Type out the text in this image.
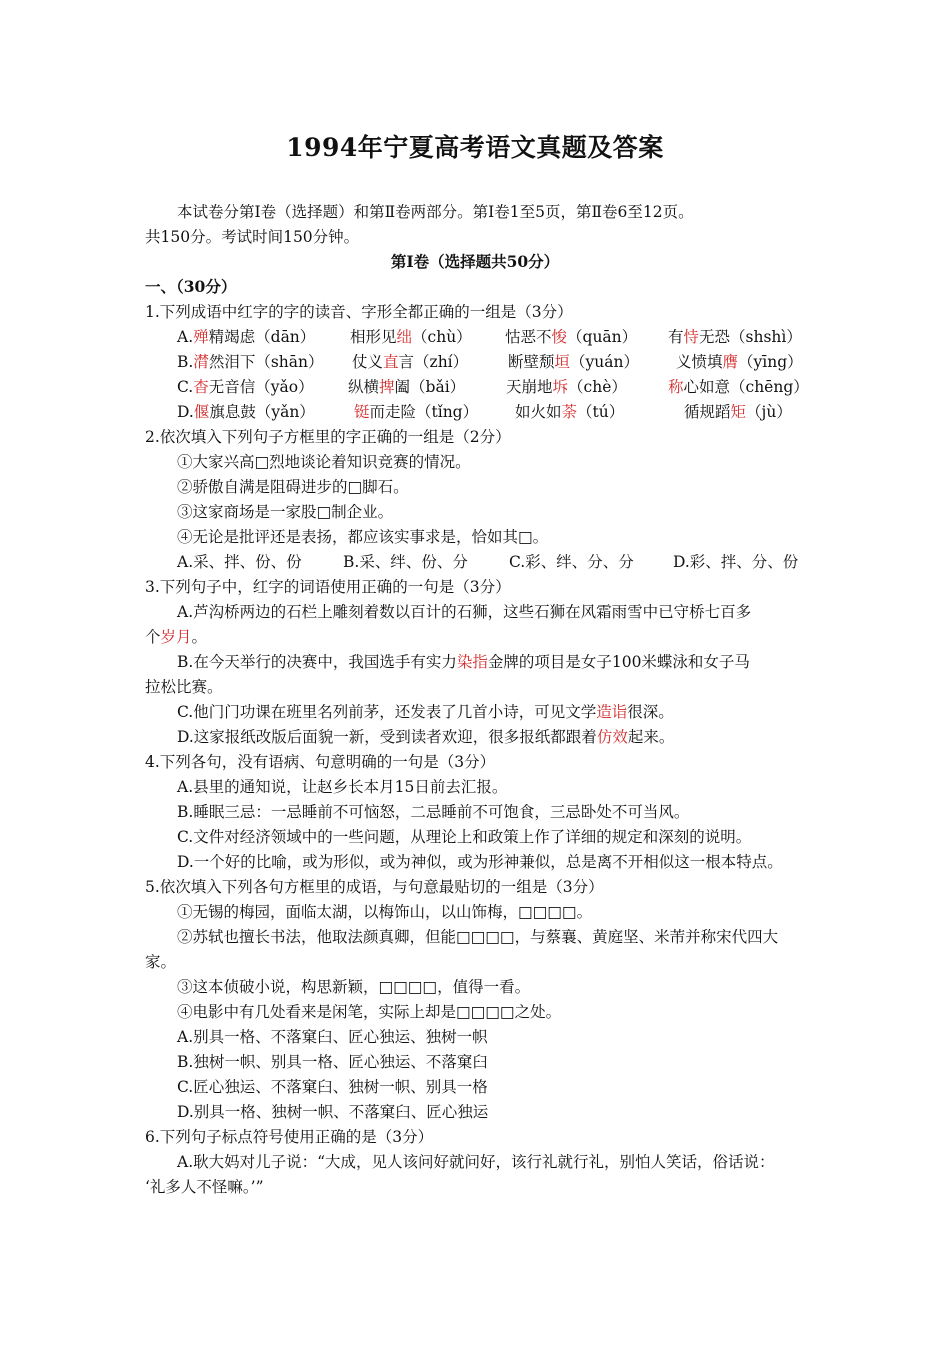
1994年宁夏高考语文真题及答案
本试卷分第Ⅰ卷（选择题）和第Ⅱ卷两部分。第Ⅰ卷1至5页，第Ⅱ卷6至12页。
共150分。考试时间150分钟。
第Ⅰ卷（选择题共50分）
一、（30分）
1.下列成语中红字的字的读音、字形全都正确的一组是（3分）
A.殚精竭虑（dān） 相形见绌（chù） 怙恶不悛（quān） 有恃无恐（shshì）
B.潸然泪下（shān） 仗义直言（zhí）	断壁颓垣（yuán） 义愤填膺（yīng）
C.杳无音信（yǎo） 纵横捭阖（bǎi）	天崩地坼（chè）	称心如意（chēng）
D.偃旗息鼓（yǎn）	铤而走险（tǐng） 如火如荼（tú）	循规蹈矩（jù）
2.依次填入下列句子方框里的字正确的一组是（2分）
①大家兴高□烈地谈论着知识竞赛的情况。
②骄傲自满是阻碍进步的□脚石。
③这家商场是一家股□制企业。
④无论是批评还是表扬，都应该实事求是，恰如其□。
A.采、拌、份、份	B.采、绊、份、分	C.彩、绊、分、分	D.彩、拌、分、份
3.下列句子中，红字的词语使用正确的一句是（3分）
A.芦沟桥两边的石栏上雕刻着数以百计的石狮，这些石狮在风霜雨雪中已守桥七百多
个岁月。
B.在今天举行的决赛中，我国选手有实力染指金牌的项目是女子100米蝶泳和女子马
拉松比赛。
C.他门门功课在班里名列前茅，还发表了几首小诗，可见文学造诣很深。
D.这家报纸改版后面貌一新，受到读者欢迎，很多报纸都跟着仿效起来。
4.下列各句，没有语病、句意明确的一句是（3分）
A.县里的通知说，让赵乡长本月15日前去汇报。
B.睡眠三忌：一忌睡前不可恼怒，二忌睡前不可饱食，三忌卧处不可当风。
C.文件对经济领域中的一些问题，从理论上和政策上作了详细的规定和深刻的说明。
D.一个好的比喻，或为形似，或为神似，或为形神兼似，总是离不开相似这一根本特点。
5.依次填入下列各句方框里的成语，与句意最贴切的一组是（3分）
①无锡的梅园，面临太湖，以梅饰山，以山饰梅，□□□□。
②苏轼也擅长书法，他取法颜真卿，但能□□□□，与蔡襄、黄庭坚、米芾并称宋代四大
家。
③这本侦破小说，构思新颖，□□□□，值得一看。
④电影中有几处看来是闲笔，实际上却是□□□□之处。
A.别具一格、不落窠臼、匠心独运、独树一帜
B.独树一帜、别具一格、匠心独运、不落窠臼
C.匠心独运、不落窠臼、独树一帜、别具一格
D.别具一格、独树一帜、不落窠臼、匠心独运
6.下列句子标点符号使用正确的是（3分）
A.耿大妈对儿子说：“大成，见人该问好就问好，该行礼就行礼，别怕人笑话，俗话说：
‘礼多人不怪嘛。’”
